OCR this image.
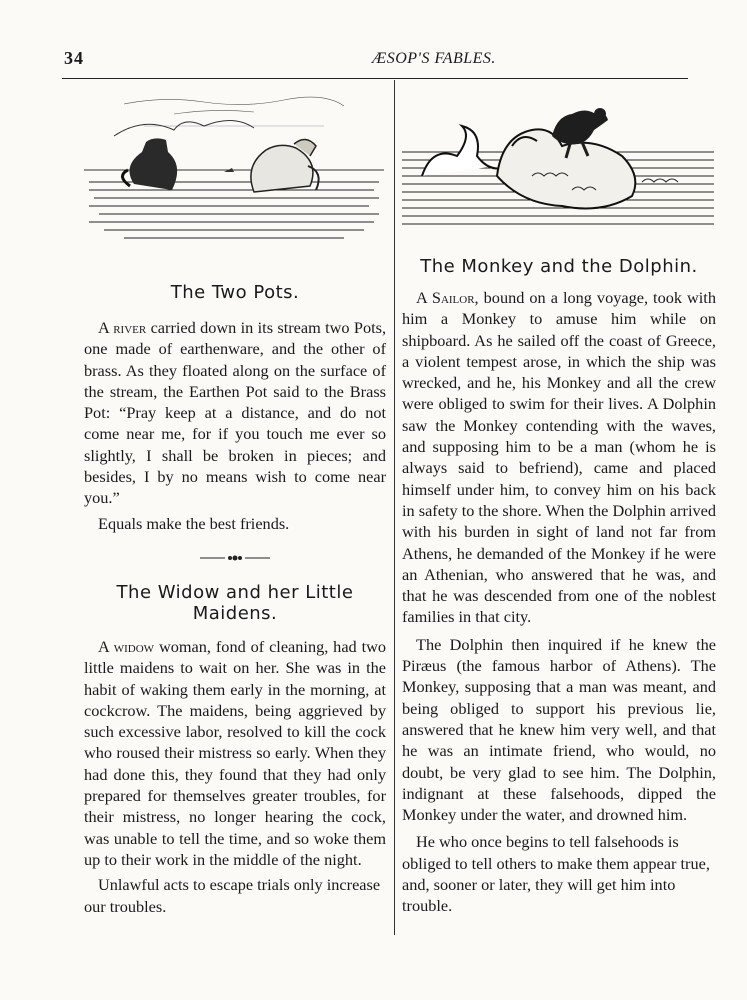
34	ÆSOP'S FABLES.
The Two Pots.

A river carried down in its stream two Pots, one made of earthenware, and the other of brass. As they floated along on the surface of the stream, the Earthen Pot said to the Brass Pot: “Pray keep at a distance, and do not come near me, for if you touch me ever so slightly, I shall be broken in pieces; and besides, I by no means wish to come near you.”

Equals make the best friends.

The Widow and her Little Maidens.

A widow woman, fond of cleaning, had two little maidens to wait on her. She was in the habit of waking them early in the morning, at cockcrow. The maidens, being aggrieved by such excessive labor, resolved to kill the cock who roused their mistress so early. When they had done this, they found that they had only prepared for themselves greater troubles, for their mistress, no longer hearing the cock, was unable to tell the time, and so woke them up to their work in the middle of the night.

Unlawful acts to escape trials only increase our troubles.

The Monkey and the Dolphin.

A Sailor, bound on a long voyage, took with him a Monkey to amuse him while on shipboard. As he sailed off the coast of Greece, a violent tempest arose, in which the ship was wrecked, and he, his Monkey and all the crew were obliged to swim for their lives. A Dolphin saw the Monkey contending with the waves, and supposing him to be a man (whom he is always said to befriend), came and placed himself under him, to convey him on his back in safety to the shore. When the Dolphin arrived with his burden in sight of land not far from Athens, he demanded of the Monkey if he were an Athenian, who answered that he was, and that he was descended from one of the noblest families in that city.

The Dolphin then inquired if he knew the Piræus (the famous harbor of Athens). The Monkey, supposing that a man was meant, and being obliged to support his previous lie, answered that he knew him very well, and that he was an intimate friend, who would, no doubt, be very glad to see him. The Dolphin, indignant at these falsehoods, dipped the Monkey under the water, and drowned him.

He who once begins to tell falsehoods is obliged to tell others to make them appear true, and, sooner or later, they will get him into trouble.
